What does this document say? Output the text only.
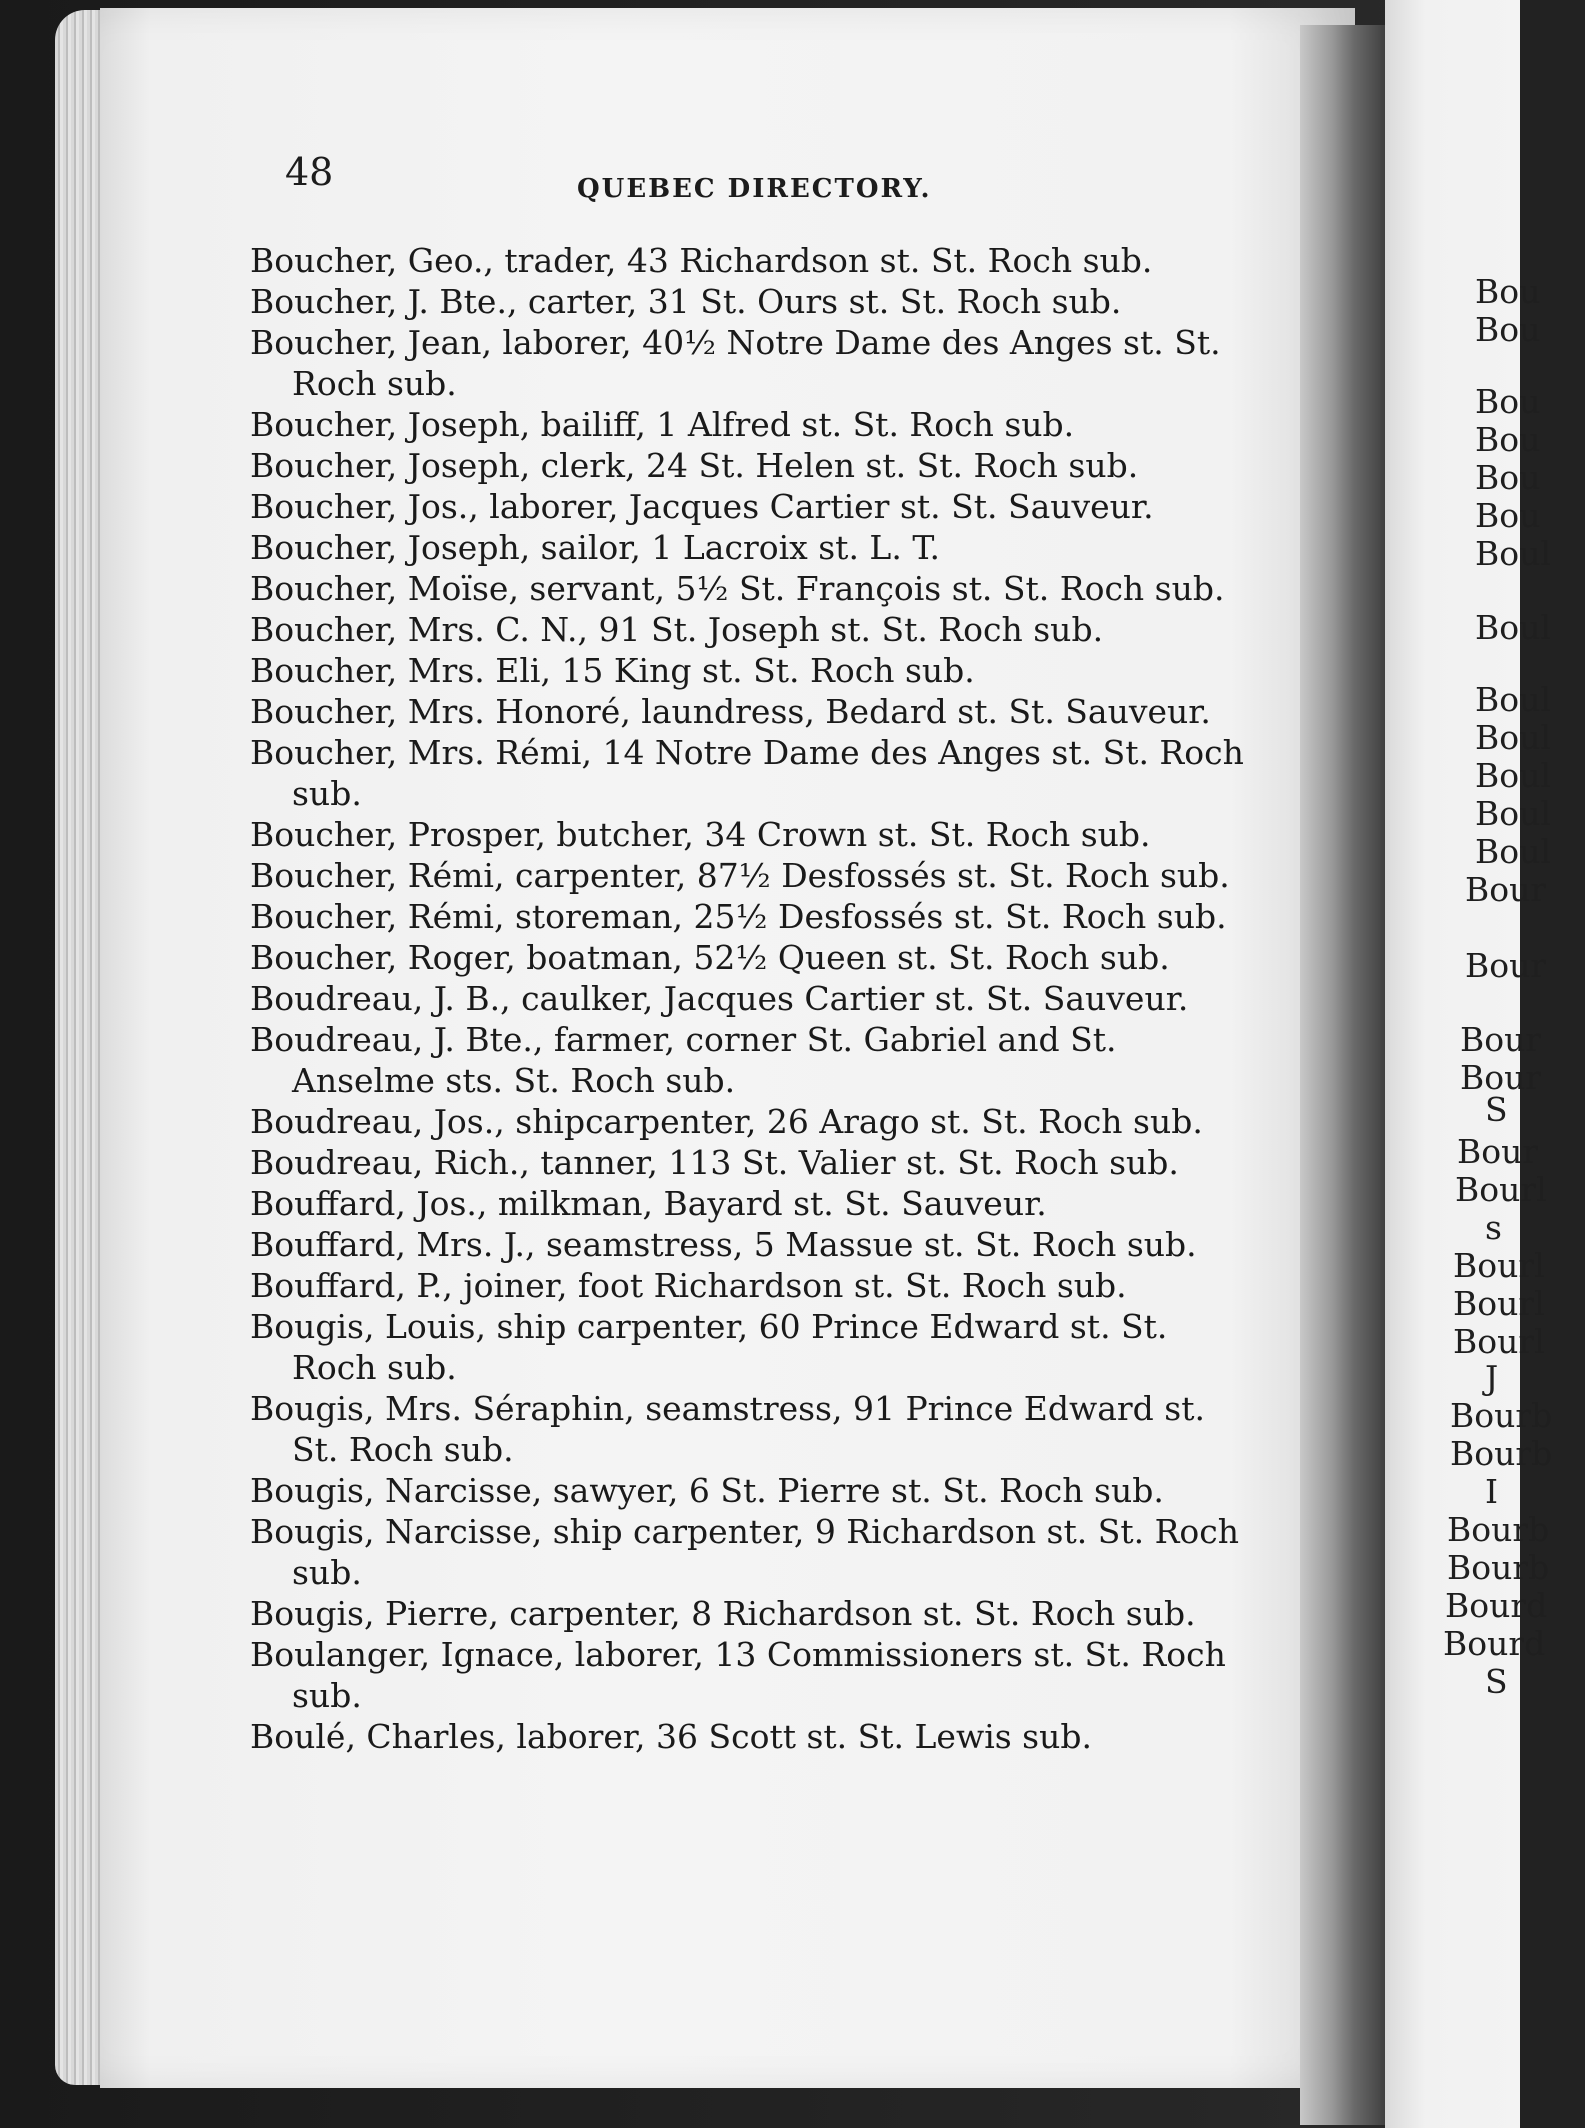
Bou
Bou
Bou
Bou
Bou
Bou
Boul
Boul
Boul
Boul
Boul
Boul
Boul
Bour
Bour
Bour
Bour
S
Bour
Bourl
s
Bourl
Bourl
Bourl
J
Bourb
Bourb
I
Bourb
Bourb
Bourd
Bourd
S
48	QUEBEC DIRECTORY.

Boucher, Geo., trader, 43 Richardson st. St. Roch sub.

Boucher, J. Bte., carter, 31 St. Ours st. St. Roch sub.

Boucher, Jean, laborer, 40½ Notre Dame des Anges st. St. Roch sub.

Boucher, Joseph, bailiff, 1 Alfred st. St. Roch sub.

Boucher, Joseph, clerk, 24 St. Helen st. St. Roch sub.

Boucher, Jos., laborer, Jacques Cartier st. St. Sauveur.

Boucher, Joseph, sailor, 1 Lacroix st. L. T.

Boucher, Moïse, servant, 5½ St. François st. St. Roch sub.

Boucher, Mrs. C. N., 91 St. Joseph st. St. Roch sub.

Boucher, Mrs. Eli, 15 King st. St. Roch sub.

Boucher, Mrs. Honoré, laundress, Bedard st. St. Sauveur.

Boucher, Mrs. Rémi, 14 Notre Dame des Anges st. St. Roch sub.

Boucher, Prosper, butcher, 34 Crown st. St. Roch sub.

Boucher, Rémi, carpenter, 87½ Desfossés st. St. Roch sub.

Boucher, Rémi, storeman, 25½ Desfossés st. St. Roch sub.

Boucher, Roger, boatman, 52½ Queen st. St. Roch sub.

Boudreau, J. B., caulker, Jacques Cartier st. St. Sauveur.

Boudreau, J. Bte., farmer, corner St. Gabriel and St. Anselme sts. St. Roch sub.

Boudreau, Jos., shipcarpenter, 26 Arago st. St. Roch sub.

Boudreau, Rich., tanner, 113 St. Valier st. St. Roch sub.

Bouffard, Jos., milkman, Bayard st. St. Sauveur.

Bouffard, Mrs. J., seamstress, 5 Massue st. St. Roch sub.

Bouffard, P., joiner, foot Richardson st. St. Roch sub.

Bougis, Louis, ship carpenter, 60 Prince Edward st. St. Roch sub.

Bougis, Mrs. Séraphin, seamstress, 91 Prince Edward st. St. Roch sub.

Bougis, Narcisse, sawyer, 6 St. Pierre st. St. Roch sub.

Bougis, Narcisse, ship carpenter, 9 Richardson st. St. Roch sub.

Bougis, Pierre, carpenter, 8 Richardson st. St. Roch sub.

Boulanger, Ignace, laborer, 13 Commissioners st. St. Roch sub.

Boulé, Charles, laborer, 36 Scott st. St. Lewis sub.
